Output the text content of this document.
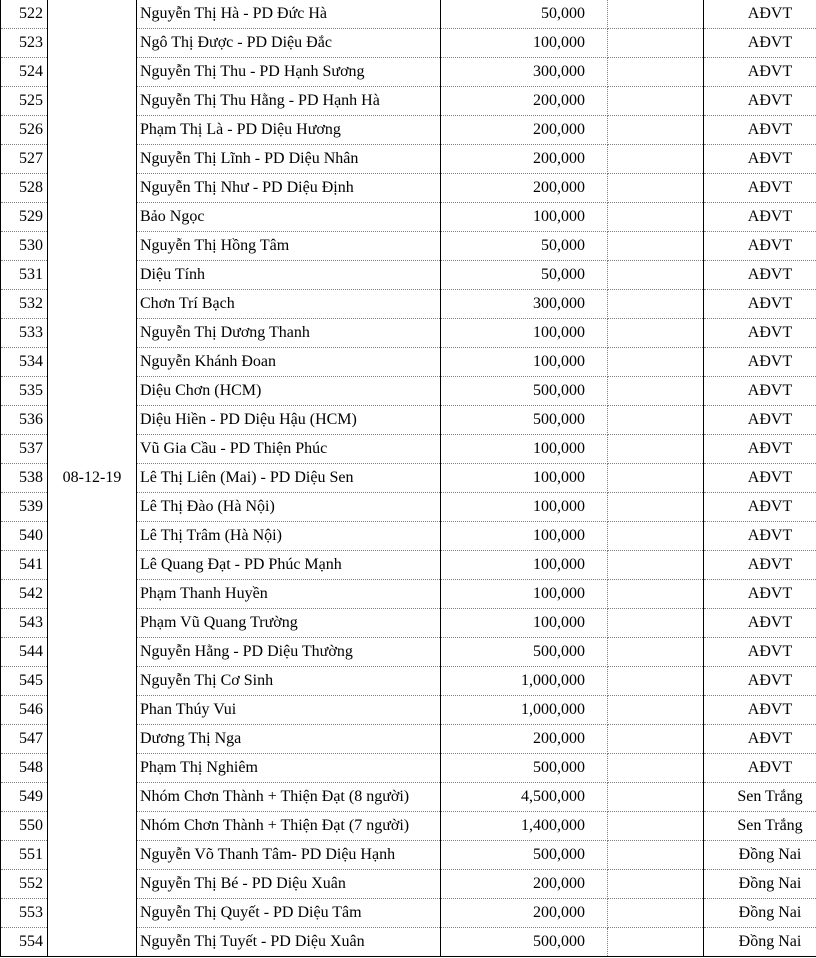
522	08-12-19	Nguyễn Thị Hà - PD Đức Hà	50,000		AĐVT
523		Ngô Thị Được - PD Diệu Đắc	100,000		AĐVT
524		Nguyễn Thị Thu - PD Hạnh Sương	300,000		AĐVT
525		Nguyễn Thị Thu Hằng - PD Hạnh Hà	200,000		AĐVT
526		Phạm Thị Là - PD Diệu Hương	200,000		AĐVT
527		Nguyễn Thị Lĩnh - PD Diệu Nhân	200,000		AĐVT
528		Nguyễn Thị Như - PD Diệu Định	200,000		AĐVT
529		Bảo Ngọc	100,000		AĐVT
530		Nguyễn Thị Hồng Tâm	50,000		AĐVT
531		Diệu Tính	50,000		AĐVT
532		Chơn Trí Bạch	300,000		AĐVT
533		Nguyễn Thị Dương Thanh	100,000		AĐVT
534		Nguyễn Khánh Đoan	100,000		AĐVT
535		Diệu Chơn (HCM)	500,000		AĐVT
536		Diệu Hiền - PD Diệu Hậu (HCM)	500,000		AĐVT
537		Vũ Gia Cầu - PD Thiện Phúc	100,000		AĐVT
538		Lê Thị Liên (Mai) - PD Diệu Sen	100,000		AĐVT
539		Lê Thị Đào (Hà Nội)	100,000		AĐVT
540		Lê Thị Trâm (Hà Nội)	100,000		AĐVT
541		Lê Quang Đạt - PD Phúc Mạnh	100,000		AĐVT
542		Phạm Thanh Huyền	100,000		AĐVT
543		Phạm Vũ Quang Trường	100,000		AĐVT
544		Nguyễn Hằng - PD Diệu Thường	500,000		AĐVT
545		Nguyễn Thị Cơ Sinh	1,000,000		AĐVT
546		Phan Thúy Vui	1,000,000		AĐVT
547		Dương Thị Nga	200,000		AĐVT
548		Phạm Thị Nghiêm	500,000		AĐVT
549		Nhóm Chơn Thành + Thiện Đạt (8 người)	4,500,000		Sen Trắng
550		Nhóm Chơn Thành + Thiện Đạt (7 người)	1,400,000		Sen Trắng
551		Nguyễn Võ Thanh Tâm- PD Diệu Hạnh	500,000		Đồng Nai
552		Nguyễn Thị Bé - PD Diệu Xuân	200,000		Đồng Nai
553		Nguyễn Thị Quyết - PD Diệu Tâm	200,000		Đồng Nai
554		Nguyễn Thị Tuyết - PD Diệu Xuân	500,000		Đồng Nai
